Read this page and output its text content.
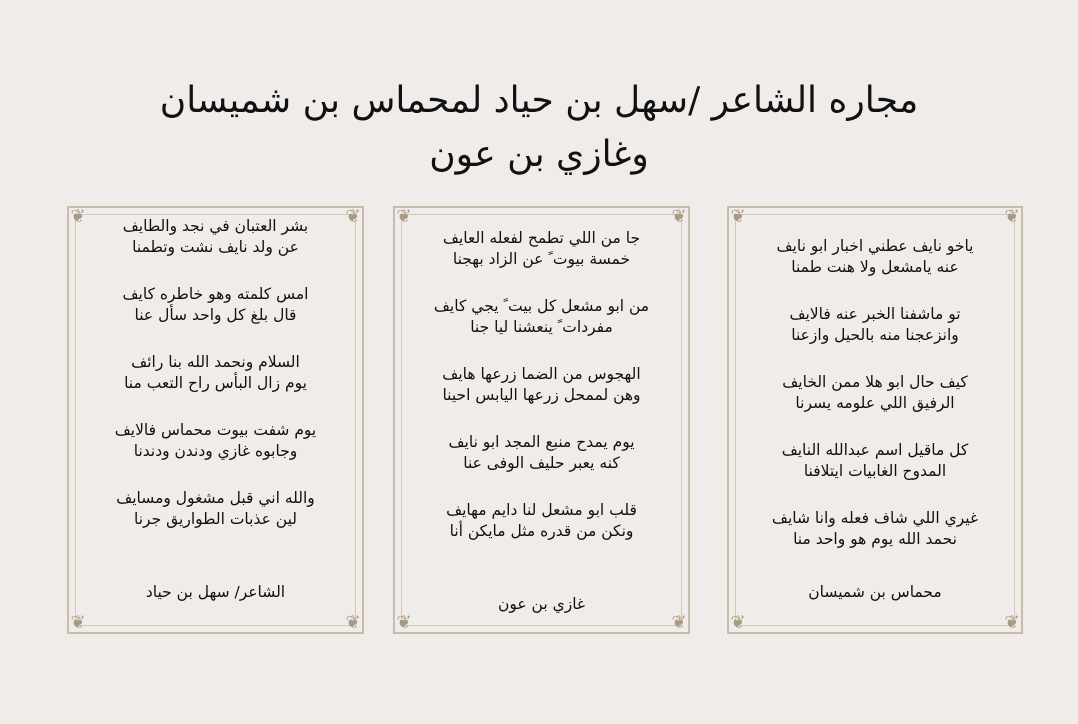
مجاره الشاعر /سهل بن حياد لمحماس بن شميسان
وغازي بن عون
❦	❦
❦	❦
ياخو نايف عطني اخبار ابو نايف
عنه يامشعل ولا هنت طمنا
تو ماشفنا الخبر عنه فالايف
وانزعجنا منه بالحيل وازعنا
كيف حال ابو هلا ممن الخايف
الرفيق اللي علومه يسرنا
كل ماقيل اسم عبدالله النايف
المدوح الغابيات ايتلافنا
غيري اللي شاف فعله وانا شايف
نحمد الله يوم هو واحد منا
محماس بن شميسان
❦	❦
❦	❦
جا من اللي تطمح لفعله العايف
خمسة بيوت ً عن الزاد بهجنا
من ابو مشعل كل بيت ً يجي كايف
مفردات ً ينعشنا ليا جنا
الهجوس من الضما زرعها هايف
وهن لممحل زرعها اليابس احينا
يوم يمدح منبع المجد ابو نايف
كنه يعبر حليف الوفى عنا
قلب ابو مشعل لنا دايم مهايف
ونكن من قدره مثل مايكن أنا
غازي بن عون
❦	❦
❦	❦
بشر العتبان في نجد والطايف
عن ولد نايف نشت وتطمنا
امس كلمته وهو خاطره كايف
قال بلغ كل واحد سأل عنا
السلام ونحمد الله بنا رائف
يوم زال البأس راح التعب منا
يوم شفت بيوت محماس فالايف
وجابوه غازي ودندن ودندنا
والله اني قبل مشغول ومسايف
لين عذبات الطواريق جرنا
الشاعر/ سهل بن حياد
